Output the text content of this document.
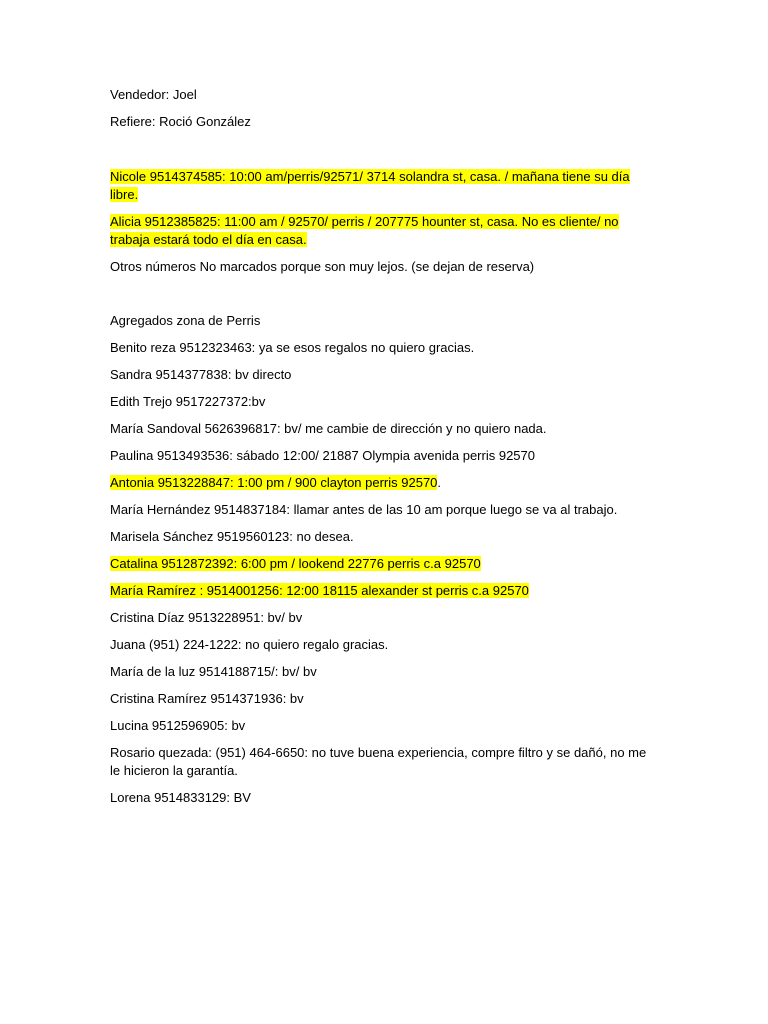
Vendedor: Joel

Refiere: Roció González

Nicole 9514374585: 10:00 am/perris/92571/ 3714 solandra st, casa. / mañana tiene su día libre.

Alicia 9512385825: 11:00 am / 92570/ perris / 207775 hounter st, casa. No es cliente/ no trabaja estará todo el día en casa.

Otros números No marcados porque son muy lejos. (se dejan de reserva)

Agregados zona de Perris

Benito reza 9512323463: ya se esos regalos no quiero gracias.

Sandra 9514377838: bv directo

Edith Trejo 9517227372:bv

María Sandoval 5626396817: bv/ me cambie de dirección y no quiero nada.

Paulina 9513493536: sábado 12:00/ 21887 Olympia avenida perris 92570

Antonia 9513228847: 1:00 pm / 900 clayton perris 92570.

María Hernández 9514837184: llamar antes de las 10 am porque luego se va al trabajo.

Marisela Sánchez 9519560123: no desea.

Catalina 9512872392: 6:00 pm / lookend 22776 perris c.a 92570

María Ramírez : 9514001256: 12:00 18115 alexander st perris c.a 92570

Cristina Díaz 9513228951: bv/ bv

Juana (951) 224-1222: no quiero regalo gracias.

María de la luz 9514188715/: bv/ bv

Cristina Ramírez 9514371936: bv

Lucina 9512596905: bv

Rosario quezada: (951) 464-6650: no tuve buena experiencia, compre filtro y se dañó, no me le hicieron la garantía.

Lorena 9514833129: BV
